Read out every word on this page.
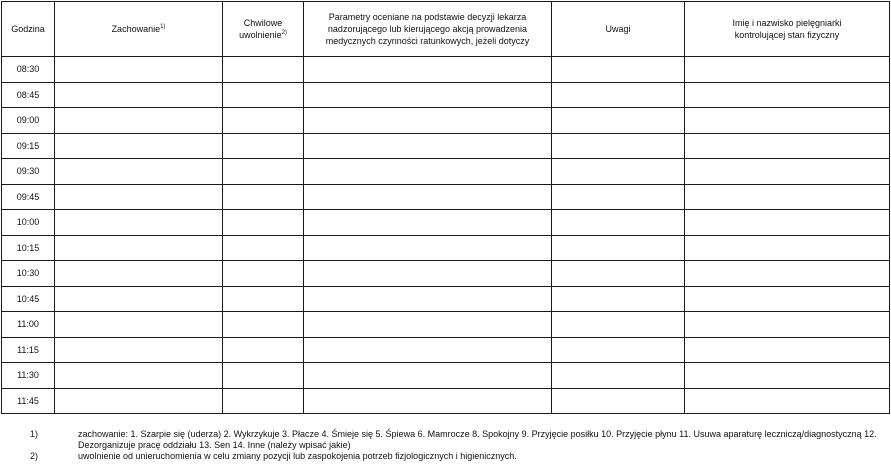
Godzina	Zachowanie$^{1)}$	Chwilowe uwolnienie$^{2)}$	Parametry oceniane na podstawie decyzji lekarza nadzorującego lub kierującego akcją prowadzenia medycznych czynności ratunkowych, jeżeli dotyczy	Uwagi	Imię i nazwisko pielęgniarki kontrolującej stan fizyczny
08:30					
08:45					
09:00					
09:15					
09:30					
09:45					
10:00					
10:15					
10:30					
10:45					
11:00					
11:15					
11:30					
11:45					
1)	zachowanie: 1. Szarpie się (uderza) 2. Wykrzykuje 3. Płacze 4. Śmieje się 5. Śpiewa 6. Mamrocze 8. Spokojny 9. Przyjęcie posiłku 10. Przyjęcie płynu 11. Usuwa aparaturę leczniczą/diagnostyczną 12. Dezorganizuje pracę oddziału 13. Sen 14. Inne (należy wpisać jakie)
2)	uwolnienie od unieruchomienia w celu zmiany pozycji lub zaspokojenia potrzeb fizjologicznych i higienicznych.
